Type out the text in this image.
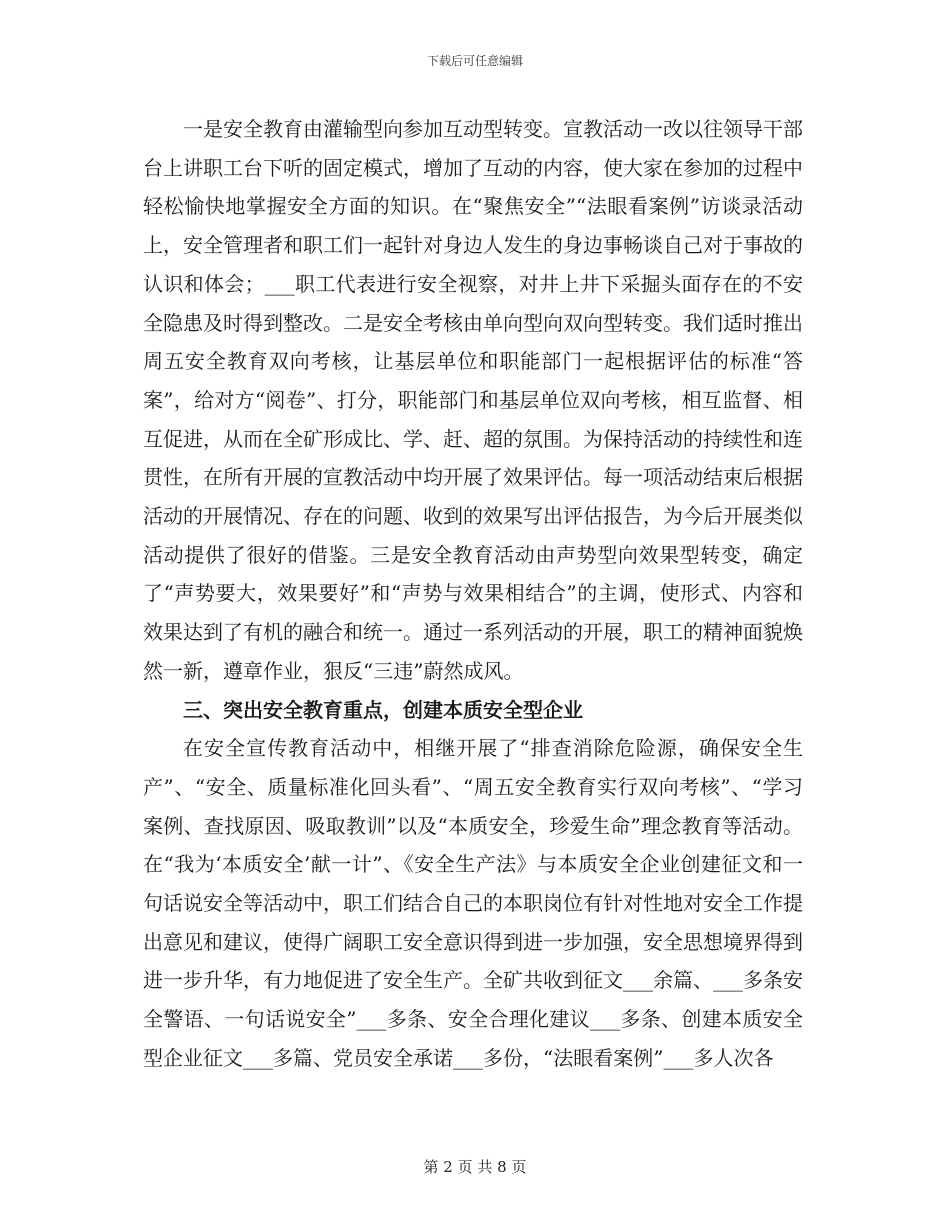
下载后可任意编辑

一是安全教育由灌输型向参加互动型转变。宣教活动一改以往领导干部台上讲职工台下听的固定模式，增加了互动的内容，使大家在参加的过程中轻松愉快地掌握安全方面的知识。在“聚焦安全”“法眼看案例”访谈录活动上，安全管理者和职工们一起针对身边人发生的身边事畅谈自己对于事故的认识和体会；___职工代表进行安全视察，对井上井下采掘头面存在的不安全隐患及时得到整改。二是安全考核由单向型向双向型转变。我们适时推出周五安全教育双向考核，让基层单位和职能部门一起根据评估的标准“答案”，给对方“阅卷”、打分，职能部门和基层单位双向考核，相互监督、相互促进，从而在全矿形成比、学、赶、超的氛围。为保持活动的持续性和连贯性，在所有开展的宣教活动中均开展了效果评估。每一项活动结束后根据活动的开展情况、存在的问题、收到的效果写出评估报告，为今后开展类似活动提供了很好的借鉴。三是安全教育活动由声势型向效果型转变，确定了“声势要大，效果要好”和“声势与效果相结合”的主调，使形式、内容和效果达到了有机的融合和统一。通过一系列活动的开展，职工的精神面貌焕然一新，遵章作业，狠反“三违”蔚然成风。

三、突出安全教育重点，创建本质安全型企业

在安全宣传教育活动中，相继开展了“排查消除危险源，确保安全生产”、“安全、质量标准化回头看”、“周五安全教育实行双向考核”、“学习案例、查找原因、吸取教训”以及“本质安全，珍爱生命”理念教育等活动。在“我为‘本质安全’献一计”、《安全生产法》与本质安全企业创建征文和一句话说安全等活动中，职工们结合自己的本职岗位有针对性地对安全工作提出意见和建议，使得广阔职工安全意识得到进一步加强，安全思想境界得到进一步升华，有力地促进了安全生产。全矿共收到征文___余篇、___多条安全警语、一句话说安全”___多条、安全合理化建议___多条、创建本质安全型企业征文___多篇、党员安全承诺___多份，“法眼看案例”___多人次各

第 2 页 共 8 页
